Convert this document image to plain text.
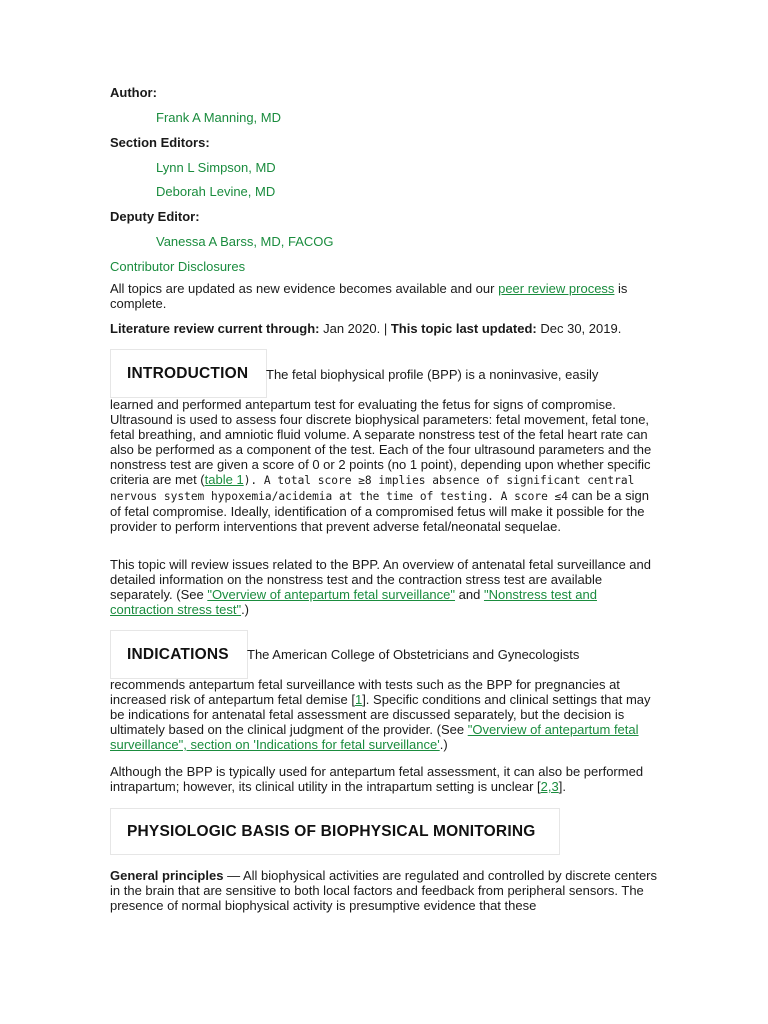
Author:
Frank A Manning, MD
Section Editors:
Lynn L Simpson, MD
Deborah Levine, MD
Deputy Editor:
Vanessa A Barss, MD, FACOG
Contributor Disclosures

All topics are updated as new evidence becomes available and our peer review process is complete.

Literature review current through: Jan 2020. | This topic last updated: Dec 30, 2019.

INTRODUCTION The fetal biophysical profile (BPP) is a noninvasive, easily

learned and performed antepartum test for evaluating the fetus for signs of compromise. Ultrasound is used to assess four discrete biophysical parameters: fetal movement, fetal tone, fetal breathing, and amniotic fluid volume. A separate nonstress test of the fetal heart rate can also be performed as a component of the test. Each of the four ultrasound parameters and the nonstress test are given a score of 0 or 2 points (no 1 point), depending upon whether specific criteria are met (table 1). A total score ≥8 implies absence of significant central nervous system hypoxemia/acidemia at the time of testing. A score ≤4 can be a sign of fetal compromise. Ideally, identification of a compromised fetus will make it possible for the provider to perform interventions that prevent adverse fetal/neonatal sequelae.

This topic will review issues related to the BPP. An overview of antenatal fetal surveillance and detailed information on the nonstress test and the contraction stress test are available separately. (See "Overview of antepartum fetal surveillance" and "Nonstress test and contraction stress test".)

INDICATIONS The American College of Obstetricians and Gynecologists

recommends antepartum fetal surveillance with tests such as the BPP for pregnancies at increased risk of antepartum fetal demise [1]. Specific conditions and clinical settings that may be indications for antenatal fetal assessment are discussed separately, but the decision is ultimately based on the clinical judgment of the provider. (See "Overview of antepartum fetal surveillance", section on 'Indications for fetal surveillance'.)

Although the BPP is typically used for antepartum fetal assessment, it can also be performed intrapartum; however, its clinical utility in the intrapartum setting is unclear [2,3].

PHYSIOLOGIC BASIS OF BIOPHYSICAL MONITORING

General principles — All biophysical activities are regulated and controlled by discrete centers in the brain that are sensitive to both local factors and feedback from peripheral sensors. The presence of normal biophysical activity is presumptive evidence that these
